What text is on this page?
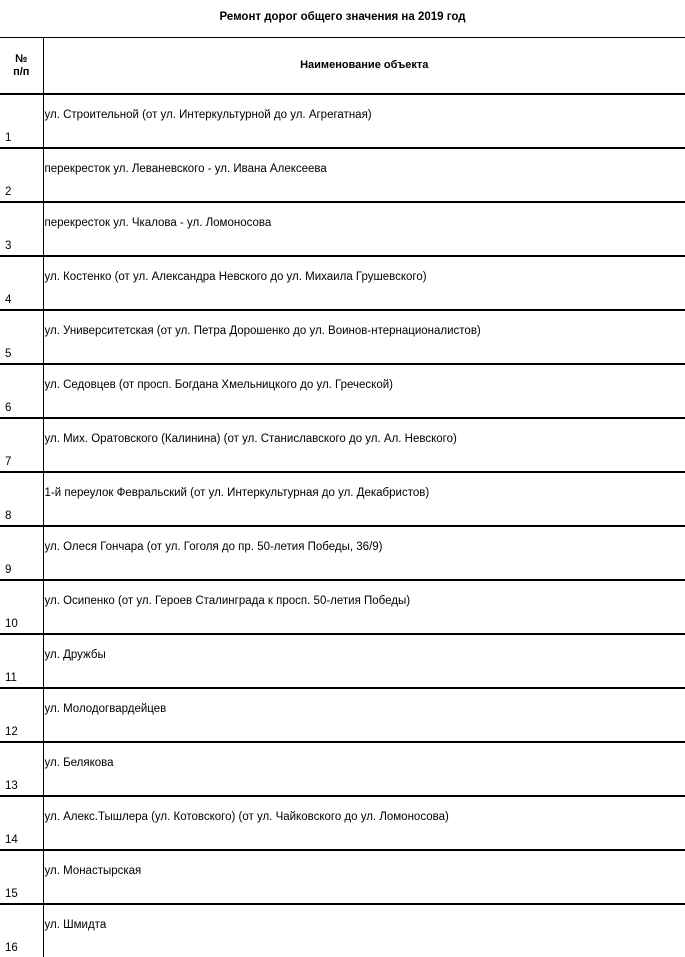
Ремонт дорог общего значения на 2019 год
№
п/п	Наименование объекта
1	ул. Строительной (от ул. Интеркультурной до ул. Агрегатная)
2	перекресток ул. Леваневского - ул. Ивана Алексеева
3	перекресток ул. Чкалова - ул. Ломоносова
4	ул. Костенко (от ул. Александра Невского до ул. Михаила Грушевского)
5	ул. Университетская (от ул. Петра Дорошенко до ул. Воинов-нтернационалистов)
6	ул. Седовцев (от просп. Богдана Хмельницкого до ул. Греческой)
7	ул. Мих. Оратовского (Калинина) (от ул. Станиславского до ул. Ал. Невского)
8	1-й переулок Февральский (от ул. Интеркультурная до ул. Декабристов)
9	ул. Олеся Гончара (от ул. Гоголя до пр. 50-летия Победы, 36/9)
10	ул. Осипенко (от ул. Героев Сталинграда к просп. 50-летия Победы)
11	ул. Дружбы
12	ул. Молодогвардейцев
13	ул. Белякова
14	ул. Алекс.Тышлера (ул. Котовского) (от ул. Чайковского до ул. Ломоносова)
15	ул. Монастырская
16	ул. Шмидта
